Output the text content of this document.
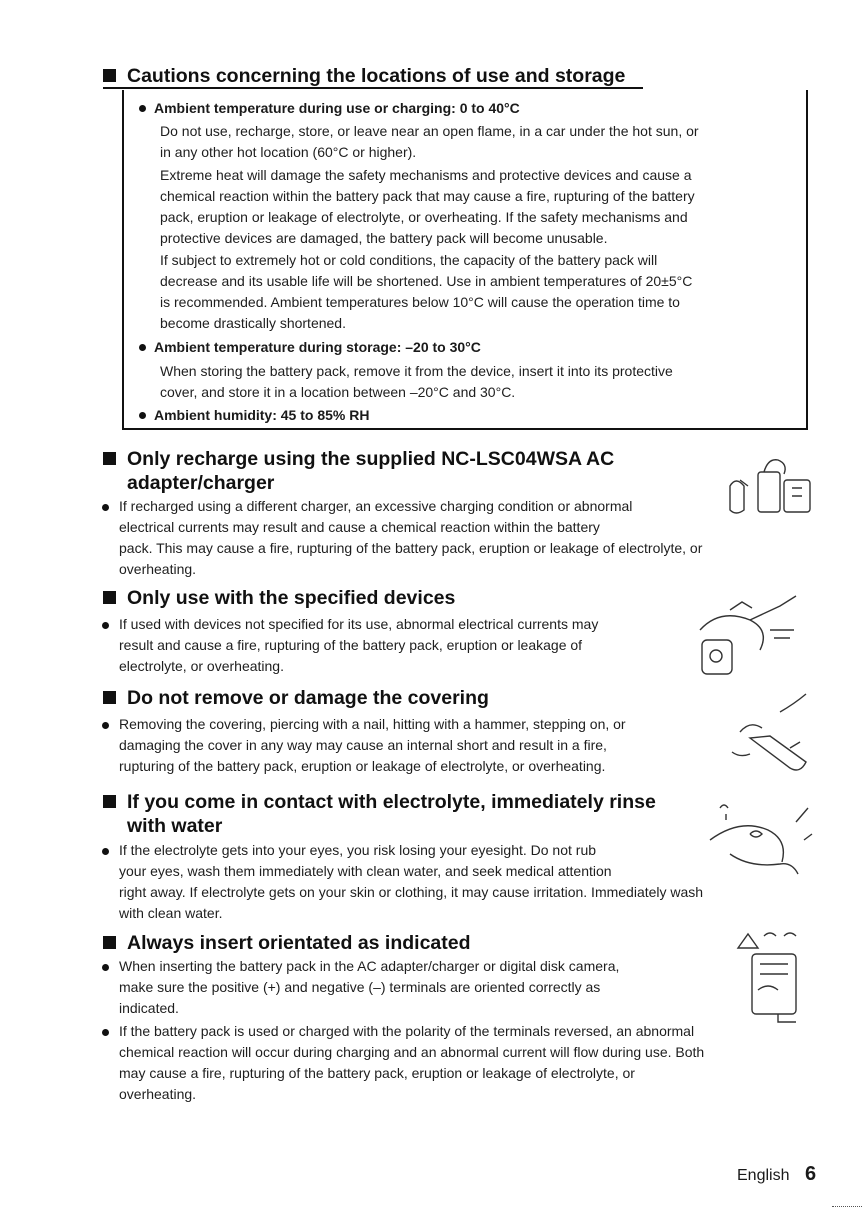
Cautions concerning the locations of use and storage
Ambient temperature during use or charging: 0 to 40°C
Do not use, recharge, store, or leave near an open flame, in a car under the hot sun, or
in any other hot location (60°C or higher).
Extreme heat will damage the safety mechanisms and protective devices and cause a
chemical reaction within the battery pack that may cause a fire, rupturing of the battery
pack, eruption or leakage of electrolyte, or overheating. If the safety mechanisms and
protective devices are damaged, the battery pack will become unusable.
If subject to extremely hot or cold conditions, the capacity of the battery pack will
decrease and its usable life will be shortened. Use in ambient temperatures of 20±5°C
is recommended. Ambient temperatures below 10°C will cause the operation time to
become drastically shortened.
Ambient temperature during storage: –20 to 30°C
When storing the battery pack, remove it from the device, insert it into its protective
cover, and store it in a location between –20°C and 30°C.
Ambient humidity: 45 to 85% RH
Only recharge using the supplied NC-LSC04WSA AC
adapter/charger
If recharged using a different charger, an excessive charging condition or abnormal
electrical currents may result and cause a chemical reaction within the battery
pack. This may cause a fire, rupturing of the battery pack, eruption or leakage of electrolyte, or
overheating.
Only use with the specified devices
If used with devices not specified for its use, abnormal electrical currents may
result and cause a fire, rupturing of the battery pack, eruption or leakage of
electrolyte, or overheating.
Do not remove or damage the covering
Removing the covering, piercing with a nail, hitting with a hammer, stepping on, or
damaging the cover in any way may cause an internal short and result in a fire,
rupturing of the battery pack, eruption or leakage of electrolyte, or overheating.
If you come in contact with electrolyte, immediately rinse
with water
If the electrolyte gets into your eyes, you risk losing your eyesight. Do not rub
your eyes, wash them immediately with clean water, and seek medical attention
right away. If electrolyte gets on your skin or clothing, it may cause irritation. Immediately wash
with clean water.
Always insert orientated as indicated
When inserting the battery pack in the AC adapter/charger or digital disk camera,
make sure the positive (+) and negative (–) terminals are oriented correctly as
indicated.
If the battery pack is used or charged with the polarity of the terminals reversed, an abnormal
chemical reaction will occur during charging and an abnormal current will flow during use. Both
may cause a fire, rupturing of the battery pack, eruption or leakage of electrolyte, or
overheating.
English 6
